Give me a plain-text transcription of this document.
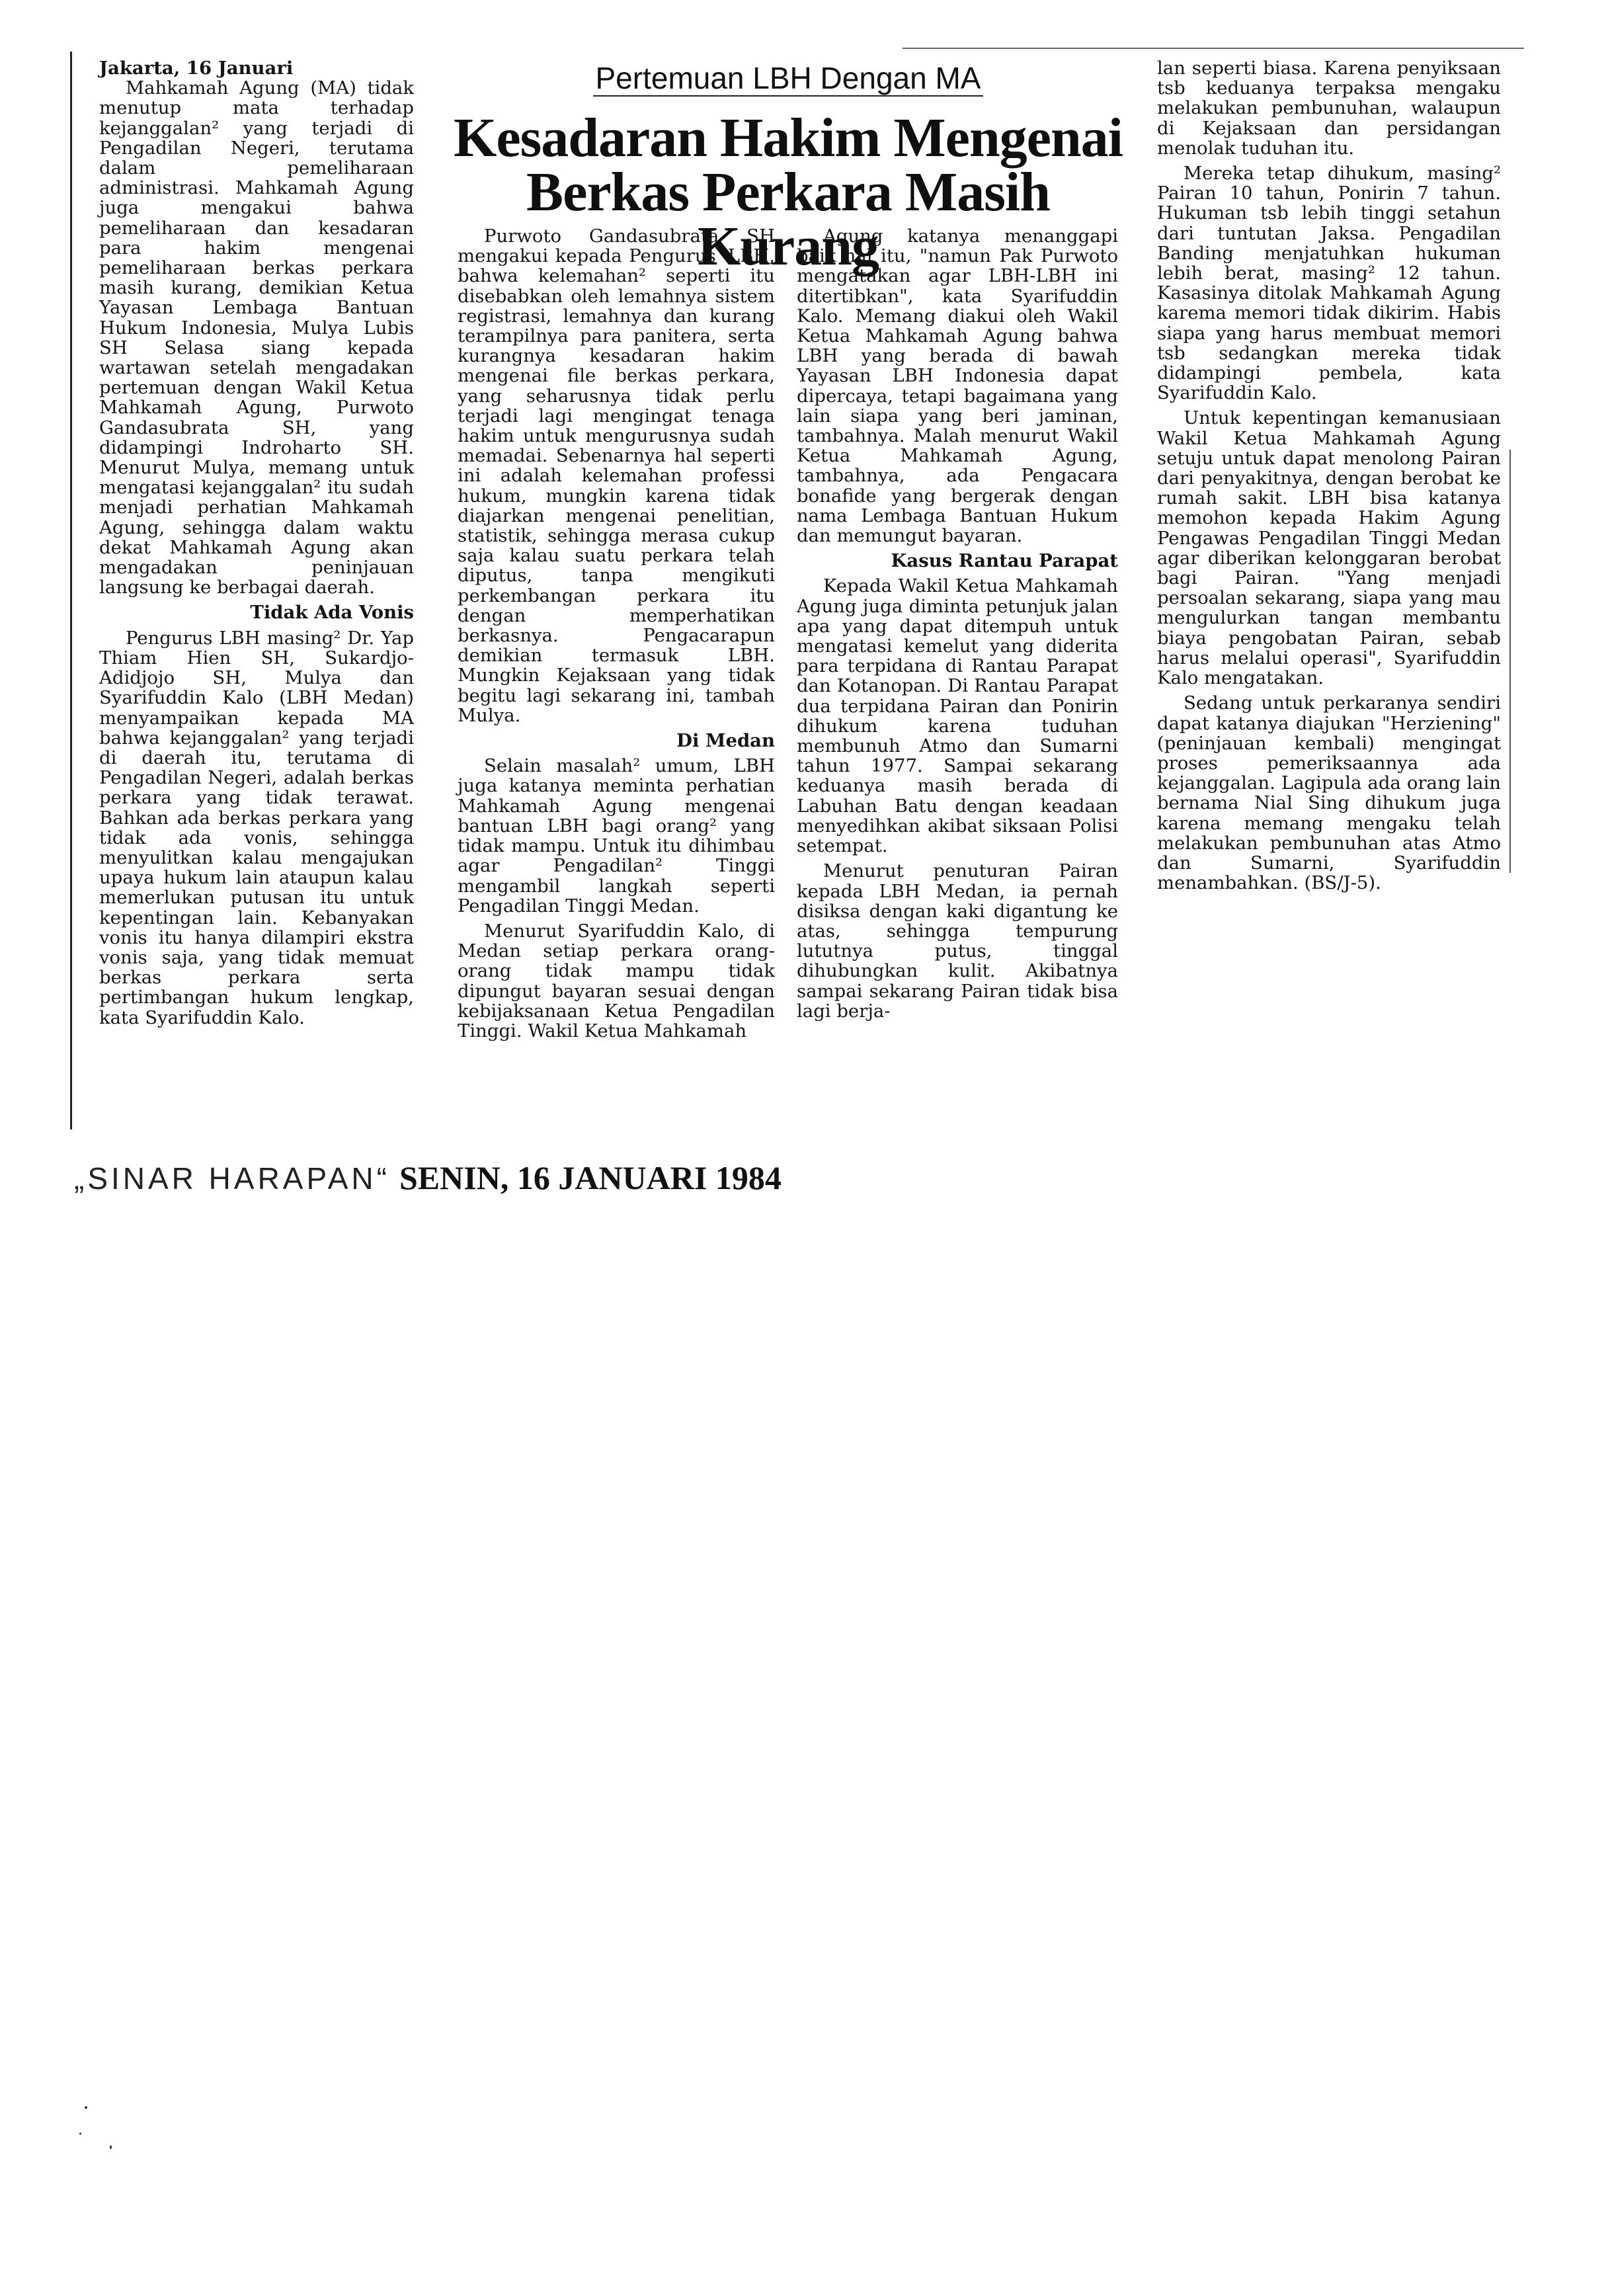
Pertemuan LBH Dengan MA
Kesadaran Hakim Mengenai
Berkas Perkara Masih Kurang
Jakarta, 16 Januari

Mahkamah Agung (MA) tidak menutup mata terhadap kejanggalan² yang terjadi di Pengadilan Negeri, terutama dalam pemeliharaan administrasi. Mahkamah Agung juga mengakui bahwa pemeliharaan dan kesadaran para hakim mengenai pemeliharaan berkas perkara masih kurang, demikian Ketua Yayasan Lembaga Bantuan Hukum Indonesia, Mulya Lubis SH Selasa siang kepada wartawan setelah mengadakan pertemuan dengan Wakil Ketua Mahkamah Agung, Purwoto Gandasubrata SH, yang didampingi Indroharto SH. Menurut Mulya, memang untuk mengatasi kejanggalan² itu sudah menjadi perhatian Mahkamah Agung, sehingga dalam waktu dekat Mahkamah Agung akan mengadakan peninjauan langsung ke berbagai daerah.

Tidak Ada Vonis

Pengurus LBH masing² Dr. Yap Thiam Hien SH, Sukardjo-Adidjojo SH, Mulya dan Syarifuddin Kalo (LBH Medan) menyampaikan kepada MA bahwa kejanggalan² yang terjadi di daerah itu, terutama di Pengadilan Negeri, adalah berkas perkara yang tidak terawat. Bahkan ada berkas perkara yang tidak ada vonis, sehingga menyulitkan kalau mengajukan upaya hukum lain ataupun kalau memerlukan putusan itu untuk kepentingan lain. Kebanyakan vonis itu hanya dilampiri ekstra vonis saja, yang tidak memuat berkas perkara serta pertimbangan hukum lengkap, kata Syarifuddin Kalo.

Purwoto Gandasubrata SH mengakui kepada Pengurus 'LBH, bahwa kelemahan² seperti itu disebabkan oleh lemahnya sistem registrasi, lemahnya dan kurang terampilnya para panitera, serta kurangnya kesadaran hakim mengenai file berkas perkara, yang seharusnya tidak perlu terjadi lagi mengingat tenaga hakim untuk mengurusnya sudah memadai. Sebenarnya hal seperti ini adalah kelemahan professi hukum, mungkin karena tidak diajarkan mengenai penelitian, statistik, sehingga merasa cukup saja kalau suatu perkara telah diputus, tanpa mengikuti perkembangan perkara itu dengan memperhatikan berkasnya. Pengacarapun demikian termasuk LBH. Mungkin Kejaksaan yang tidak begitu lagi sekarang ini, tambah Mulya.

Di Medan

Selain masalah² umum, LBH juga katanya meminta perhatian Mahkamah Agung mengenai bantuan LBH bagi orang² yang tidak mampu. Untuk itu dihimbau agar Pengadilan² Tinggi mengambil langkah seperti Pengadilan Tinggi Medan.

Menurut Syarifuddin Kalo, di Medan setiap perkara orang-orang tidak mampu tidak dipungut bayaran sesuai dengan kebijaksanaan Ketua Pengadilan Tinggi. Wakil Ketua Mahkamah

Agung katanya menanggapi baik hal itu, "namun Pak Purwoto mengatakan agar LBH-LBH ini ditertibkan", kata Syarifuddin Kalo. Memang diakui oleh Wakil Ketua Mahkamah Agung bahwa LBH yang berada di bawah Yayasan LBH Indonesia dapat dipercaya, tetapi bagaimana yang lain siapa yang beri jaminan, tambahnya. Malah menurut Wakil Ketua Mahkamah Agung, tambahnya, ada Pengacara bonafide yang bergerak dengan nama Lembaga Bantuan Hukum dan memungut bayaran.

Kasus Rantau Parapat

Kepada Wakil Ketua Mahkamah Agung juga diminta petunjuk jalan apa yang dapat ditempuh untuk mengatasi kemelut yang diderita para terpidana di Rantau Parapat dan Kotanopan. Di Rantau Parapat dua terpidana Pairan dan Ponirin dihukum karena tuduhan membunuh Atmo dan Sumarni tahun 1977. Sampai sekarang keduanya masih berada di Labuhan Batu dengan keadaan menyedihkan akibat siksaan Polisi setempat.

Menurut penuturan Pairan kepada LBH Medan, ia pernah disiksa dengan kaki digantung ke atas, sehingga tempurung lututnya putus, tinggal dihubungkan kulit. Akibatnya sampai sekarang Pairan tidak bisa lagi berja-

lan seperti biasa. Karena penyiksaan tsb keduanya terpaksa mengaku melakukan pembunuhan, walaupun di Kejaksaan dan persidangan menolak tuduhan itu.

Mereka tetap dihukum, masing² Pairan 10 tahun, Ponirin 7 tahun. Hukuman tsb lebih tinggi setahun dari tuntutan Jaksa. Pengadilan Banding menjatuhkan hukuman lebih berat, masing² 12 tahun. Kasasinya ditolak Mahkamah Agung karema memori tidak dikirim. Habis siapa yang harus membuat memori tsb sedangkan mereka tidak didampingi pembela, kata Syarifuddin Kalo.

Untuk kepentingan kemanusiaan Wakil Ketua Mahkamah Agung setuju untuk dapat menolong Pairan dari penyakitnya, dengan berobat ke rumah sakit. LBH bisa katanya memohon kepada Hakim Agung Pengawas Pengadilan Tinggi Medan agar diberikan kelonggaran berobat bagi Pairan. "Yang menjadi persoalan sekarang, siapa yang mau mengulurkan tangan membantu biaya pengobatan Pairan, sebab harus melalui operasi", Syarifuddin Kalo mengatakan.

Sedang untuk perkaranya sendiri dapat katanya diajukan "Herziening" (peninjauan kembali) mengingat proses pemeriksaannya ada kejanggalan. Lagipula ada orang lain bernama Nial Sing dihukum juga karena memang mengaku telah melakukan pembunuhan atas Atmo dan Sumarni, Syarifuddin menambahkan. (BS/J-5).

„SINAR HARAPAN“ SENIN, 16 JANUARI 1984
